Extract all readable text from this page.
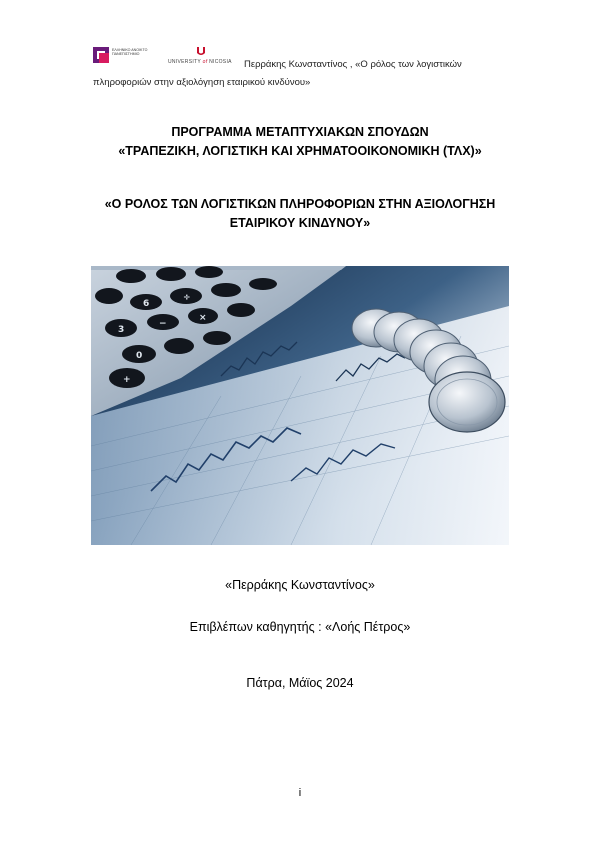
ΕΛΛΗΝΙΚΟ ΑΝΟΙΚΤΟ ΠΑΝΕΠΙΣΤΗΜΙΟ
UNIVERSITY of NICOSIA Περράκης Κωνσταντίνος , «Ο ρόλος των λογιστικών
πληροφοριών στην αξιολόγηση εταιρικού κινδύνου»
ΠΡΟΓΡΑΜΜΑ ΜΕΤΑΠΤΥΧΙΑΚΩΝ ΣΠΟΥΔΩΝ
«ΤΡΑΠΕΖΙΚΗ, ΛΟΓΙΣΤΙΚΗ ΚΑΙ ΧΡΗΜΑΤΟΟΙΚΟΝΟΜΙΚΗ (ΤΛΧ)»
«Ο ΡΟΛΟΣ ΤΩΝ ΛΟΓΙΣΤΙΚΩΝ ΠΛΗΡΟΦΟΡΙΩΝ ΣΤΗΝ ΑΞΙΟΛΟΓΗΣΗ
ΕΤΑΙΡΙΚΟΥ ΚΙΝΔΥΝΟΥ»
6
÷
3
−
×
0
+
«Περράκης Κωνσταντίνος»
Επιβλέπων καθηγητής : «Λοής Πέτρος»
Πάτρα, Μάϊος 2024
i
